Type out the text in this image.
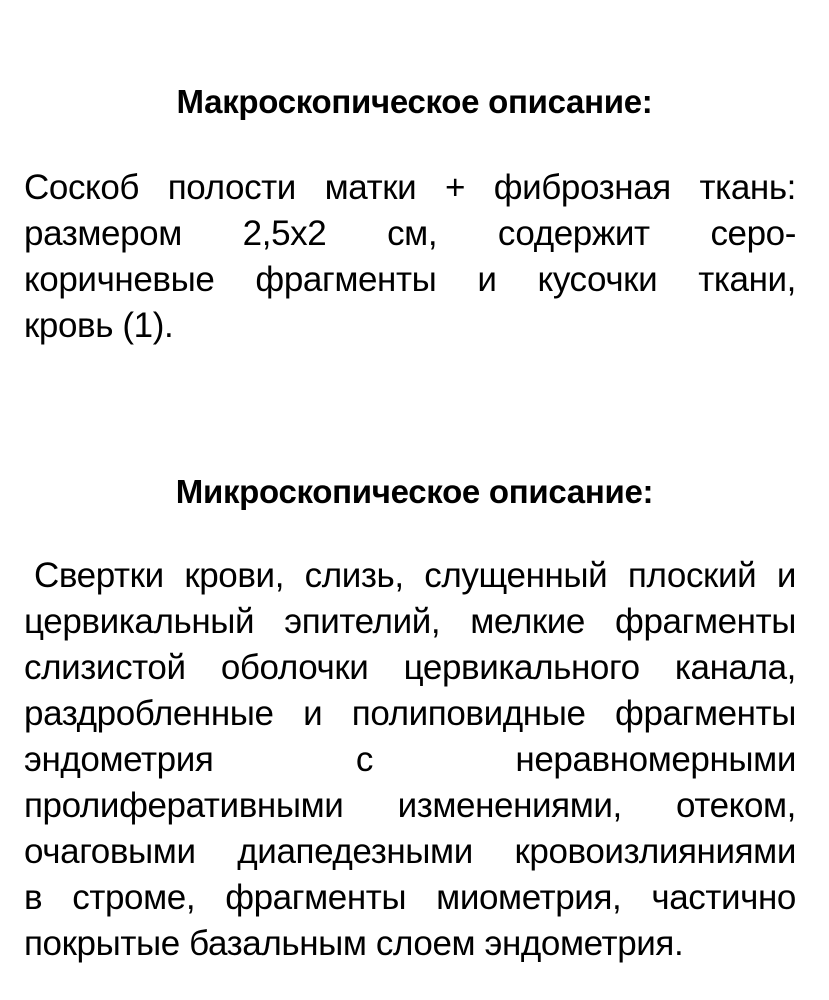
Макроскопическое описание:
Соскоб полости матки + фиброзная ткань:
размером 2,5х2 см, содержит серо-
коричневые фрагменты и кусочки ткани,
кровь (1).
Микроскопическое описание:
Свертки крови, слизь, слущенный плоский и
цервикальный эпителий, мелкие фрагменты
слизистой оболочки цервикального канала,
раздробленные и полиповидные фрагменты
эндометрия с неравномерными
пролиферативными изменениями, отеком,
очаговыми диапедезными кровоизлияниями
в строме, фрагменты миометрия, частично
покрытые базальным слоем эндометрия.
